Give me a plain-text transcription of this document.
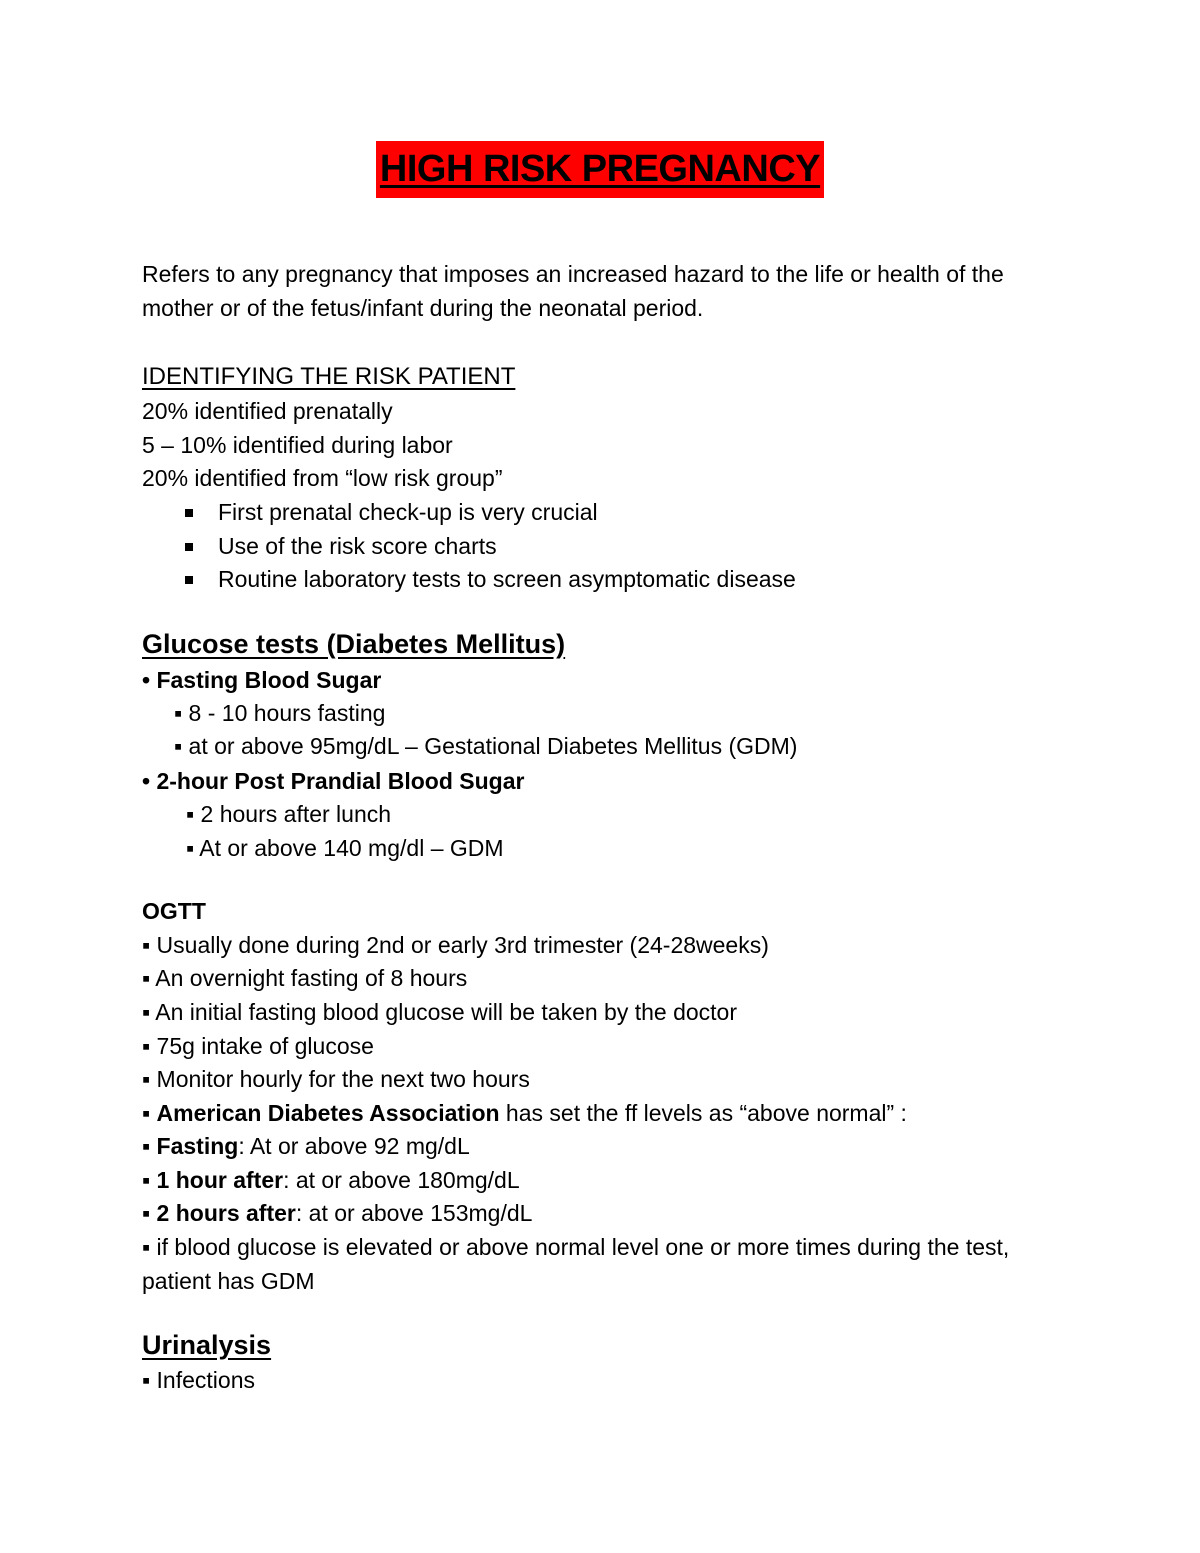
HIGH RISK PREGNANCY

Refers to any pregnancy that imposes an increased hazard to the life or health of the mother or of the fetus/infant during the neonatal period.

IDENTIFYING THE RISK PATIENT
20% identified prenatally
5 – 10% identified during labor
20% identified from “low risk group”
First prenatal check-up is very crucial
Use of the risk score charts
Routine laboratory tests to screen asymptomatic disease
Glucose tests (Diabetes Mellitus)
• Fasting Blood Sugar
▪ 8 - 10 hours fasting
▪ at or above 95mg/dL – Gestational Diabetes Mellitus (GDM)
• 2-hour Post Prandial Blood Sugar
▪ 2 hours after lunch
▪ At or above 140 mg/dl – GDM
OGTT
▪ Usually done during 2nd or early 3rd trimester (24-28weeks)
▪ An overnight fasting of 8 hours
▪ An initial fasting blood glucose will be taken by the doctor
▪ 75g intake of glucose
▪ Monitor hourly for the next two hours
▪ American Diabetes Association has set the ff levels as “above normal” :
▪ Fasting: At or above 92 mg/dL
▪ 1 hour after: at or above 180mg/dL
▪ 2 hours after: at or above 153mg/dL
▪ if blood glucose is elevated or above normal level one or more times during the test, patient has GDM
Urinalysis
▪ Infections
